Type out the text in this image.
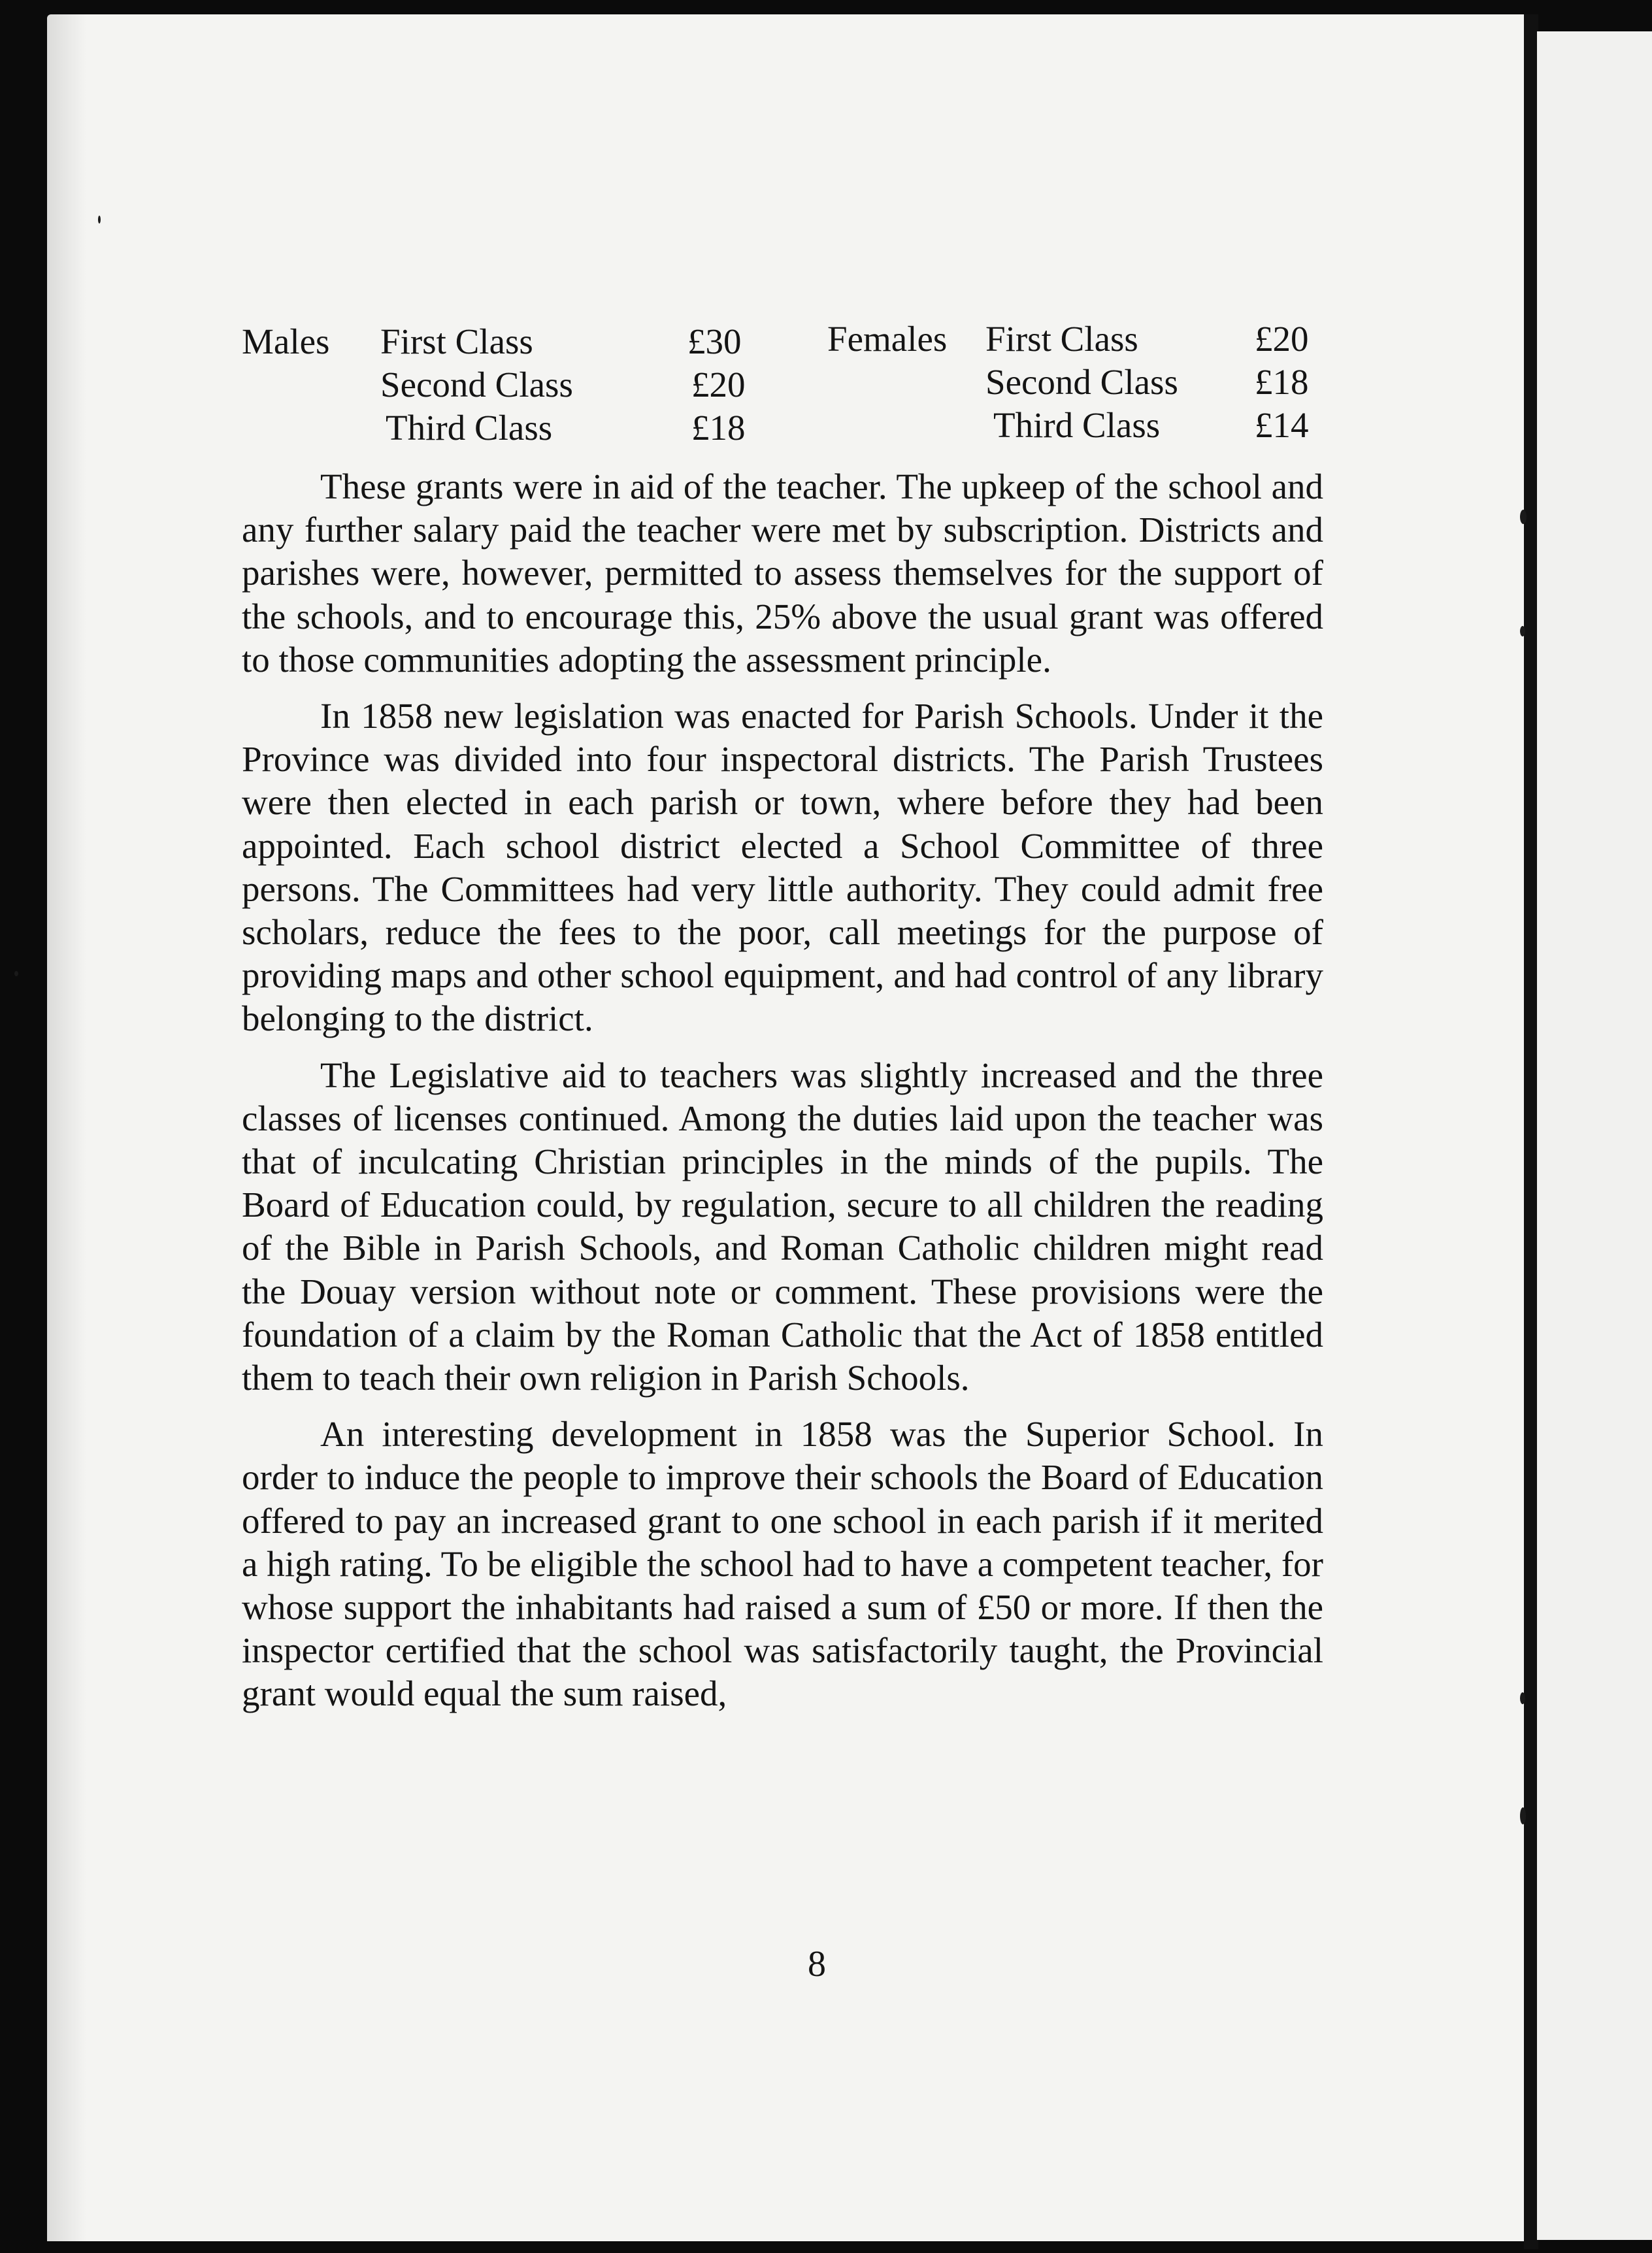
Males First Class	£30
Second Class	£20
Third Class	£18
Females First Class	£20
Second Class £18
Third Class	£14

These grants were in aid of the teacher. The upkeep of the school and any further salary paid the teacher were met by subscription. Districts and parishes were, however, permitted to assess themselves for the support of the schools, and to encourage this, 25% above the usual grant was offered to those communities adopting the assessment principle.

In 1858 new legislation was enacted for Parish Schools. Under it the Province was divided into four inspectoral districts. The Parish Trustees were then elected in each parish or town, where before they had been appointed. Each school district elected a School Committee of three persons. The Committees had very little authority. They could admit free scholars, reduce the fees to the poor, call meetings for the purpose of providing maps and other school equipment, and had control of any library belonging to the district.

The Legislative aid to teachers was slightly increased and the three classes of licenses continued. Among the duties laid upon the teacher was that of inculcating Christian principles in the minds of the pupils. The Board of Education could, by regulation, secure to all children the reading of the Bible in Parish Schools, and Roman Catholic children might read the Douay version without note or comment. These provisions were the foundation of a claim by the Roman Catholic that the Act of 1858 entitled them to teach their own religion in Parish Schools.

An interesting development in 1858 was the Superior School. In order to induce the people to improve their schools the Board of Education offered to pay an increased grant to one school in each parish if it merited a high rating. To be eligible the school had to have a competent teacher, for whose support the inhabitants had raised a sum of £50 or more. If then the inspector certified that the school was satisfactorily taught, the Provincial grant would equal the sum raised,

8
